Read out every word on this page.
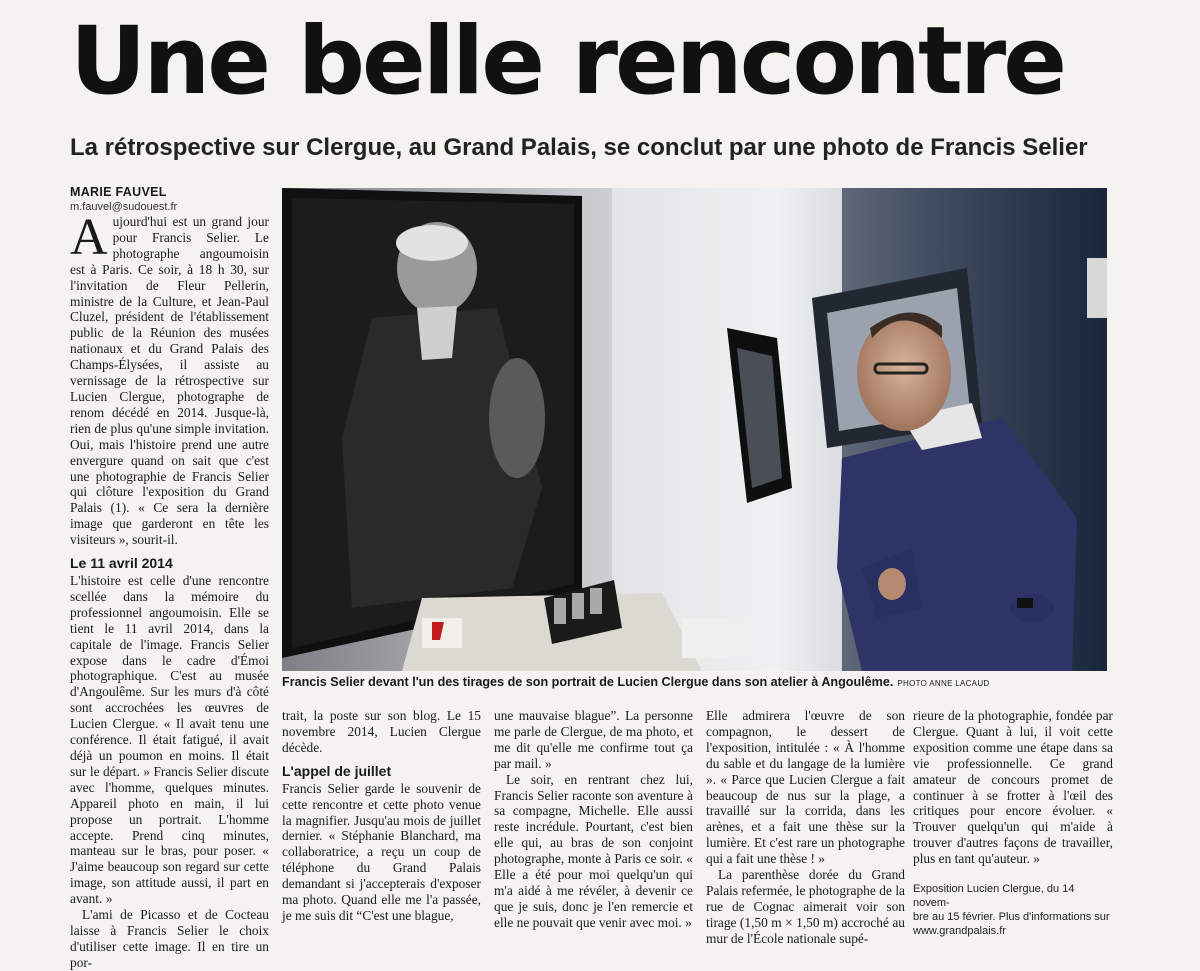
Une belle rencontre
La rétrospective sur Clergue, au Grand Palais, se conclut par une photo de Francis Selier
MARIE FAUVEL
m.fauvel@sudouest.fr

Aujourd'hui est un grand jour pour Francis Selier. Le photographe angoumoisin est à Paris. Ce soir, à 18 h 30, sur l'invitation de Fleur Pellerin, ministre de la Culture, et Jean-Paul Cluzel, président de l'établissement public de la Réunion des musées nationaux et du Grand Palais des Champs-Élysées, il assiste au vernissage de la rétrospective sur Lucien Clergue, photographe de renom décédé en 2014. Jusque-là, rien de plus qu'une simple invitation. Oui, mais l'histoire prend une autre envergure quand on sait que c'est une photographie de Francis Selier qui clôture l'exposition du Grand Palais (1). « Ce sera la dernière image que garderont en tête les visiteurs », sourit-il.

Le 11 avril 2014

L'histoire est celle d'une rencontre scellée dans la mémoire du professionnel angoumoisin. Elle se tient le 11 avril 2014, dans la capitale de l'image. Francis Selier expose dans le cadre d'Émoi photographique. C'est au musée d'Angoulême. Sur les murs d'à côté sont accrochées les œuvres de Lucien Clergue. « Il avait tenu une conférence. Il était fatigué, il avait déjà un poumon en moins. Il était sur le départ. » Francis Selier discute avec l'homme, quelques minutes. Appareil photo en main, il lui propose un portrait. L'homme accepte. Prend cinq minutes, manteau sur le bras, pour poser. « J'aime beaucoup son regard sur cette image, son attitude aussi, il part en avant. »

L'ami de Picasso et de Cocteau laisse à Francis Selier le choix d'utiliser cette image. Il en tire un por-

Francis Selier devant l'un des tirages de son portrait de Lucien Clergue dans son atelier à Angoulême. PHOTO ANNE LACAUD

trait, la poste sur son blog. Le 15 novembre 2014, Lucien Clergue décède.

L'appel de juillet

Francis Selier garde le souvenir de cette rencontre et cette photo venue la magnifier. Jusqu'au mois de juillet dernier. « Stéphanie Blanchard, ma collaboratrice, a reçu un coup de téléphone du Grand Palais demandant si j'accepterais d'exposer ma photo. Quand elle me l'a passée, je me suis dit “C'est une blague,

une mauvaise blague”. La personne me parle de Clergue, de ma photo, et me dit qu'elle me confirme tout ça par mail. »

Le soir, en rentrant chez lui, Francis Selier raconte son aventure à sa compagne, Michelle. Elle aussi reste incrédule. Pourtant, c'est bien elle qui, au bras de son conjoint photographe, monte à Paris ce soir. « Elle a été pour moi quelqu'un qui m'a aidé à me révéler, à devenir ce que je suis, donc je l'en remercie et elle ne pouvait que venir avec moi. »

Elle admirera l'œuvre de son compagnon, le dessert de l'exposition, intitulée : « À l'homme du sable et du langage de la lumière ». « Parce que Lucien Clergue a fait beaucoup de nus sur la plage, a travaillé sur la corrida, dans les arènes, et a fait une thèse sur la lumière. Et c'est rare un photographe qui a fait une thèse ! »

La parenthèse dorée du Grand Palais refermée, le photographe de la rue de Cognac aimerait voir son tirage (1,50 m × 1,50 m) accroché au mur de l'École nationale supé-

rieure de la photographie, fondée par Clergue. Quant à lui, il voit cette exposition comme une étape dans sa vie professionnelle. Ce grand amateur de concours promet de continuer à se frotter à l'œil des critiques pour encore évoluer. « Trouver quelqu'un qui m'aide à trouver d'autres façons de travailler, plus en tant qu'auteur. »

Exposition Lucien Clergue, du 14 novem-
bre au 15 février. Plus d'informations sur
www.grandpalais.fr
